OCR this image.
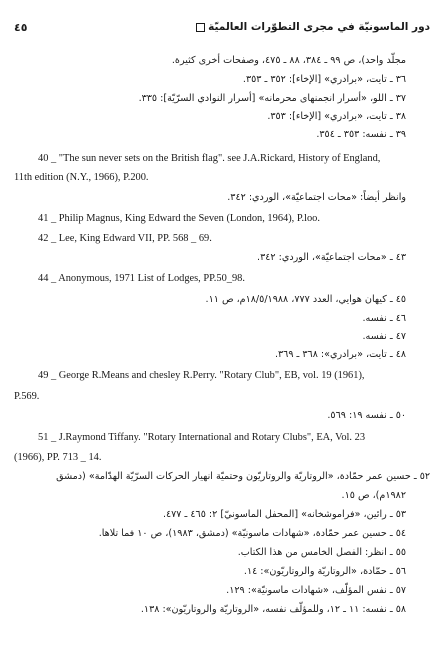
٤٥	دور الماسونيّة في مجرى التطوّرات العالميّة
مجلّد واحد)، ص ٩٩ ـ ٣٨٤، ٨٨ ـ ٤٧٥، وصفحات أخرى كثيرة.
٣٦ ـ تايت، «برادري» [الإخاء]: ٣٥٢ ـ ٣٥٣.
٣٧ ـ اللو، «أسرار انجمنهای محرمانه» [أسرار النوادي السرّيّة]: ٣٣٥.
٣٨ ـ تايت، «برادري» [الإخاء]: ٣٥٣.
٣٩ ـ نفسه: ٣٥٣ ـ ٣٥٤.
40 _ "The sun never sets on the British flag". see J.A.Rickard, History of England,
11th edition (N.Y., 1966), P.200.
وانظر أيضاً: «محات اجتماعيّة»، الوردي: ٣٤٢.
41 _ Philip Magnus, King Edward the Seven (London, 1964), P.loo.
42 _ Lee, King Edward VII, PP. 568 _ 69.
٤٣ ـ «محات اجتماعيّة»، الوردي: ٣٤٢.
44 _ Anonymous, 1971 List of Lodges, PP.50_98.
٤٥ ـ كيهان هوايي، العدد ٧٧٧، ١٨/٥/١٩٨٨م، ص ١١.
٤٦ ـ نفسه.
٤٧ ـ نفسه.
٤٨ ـ تايت، «برادري»: ٣٦٨ ـ ٣٦٩.
49 _ George R.Means and chesley R.Perry. "Rotary Club", EB, vol. 19 (1961),
P.569.
٥٠ ـ نفسه ١٩: ٥٦٩.
51 _ J.Raymond Tiffany. "Rotary International and Rotary Clubs", EA, Vol. 23
(1966), PP. 713 _ 14.
٥٢ ـ حسين عمر حمّادة، «الروتاريّة والروتاريّون وحتميّة انهيار الحركات السرّيّة الهدّامة» (دمشق
١٩٨٢م)، ص ١٥.
٥٣ ـ رائين، «فراموشخانه» [المحفل الماسونيّ] ٢: ٤٦٥ ـ ٤٧٧.
٥٤ ـ حسين عمر حمّادة، «شهادات ماسونيّة» (دمشق، ١٩٨٣)، ص ١٠ فما تلاها.
٥٥ ـ انظر: الفصل الخامس من هذا الكتاب.
٥٦ ـ حمّادة، «الروتاريّة والروتاريّون»: ١٤.
٥٧ ـ نفس المؤلّف، «شهادات ماسونيّة»: ١٢٩.
٥٨ ـ نفسه: ١١ ـ ١٢، وللمؤلّف نفسه، «الروتاريّة والروتاريّون»: ١٣٨.
